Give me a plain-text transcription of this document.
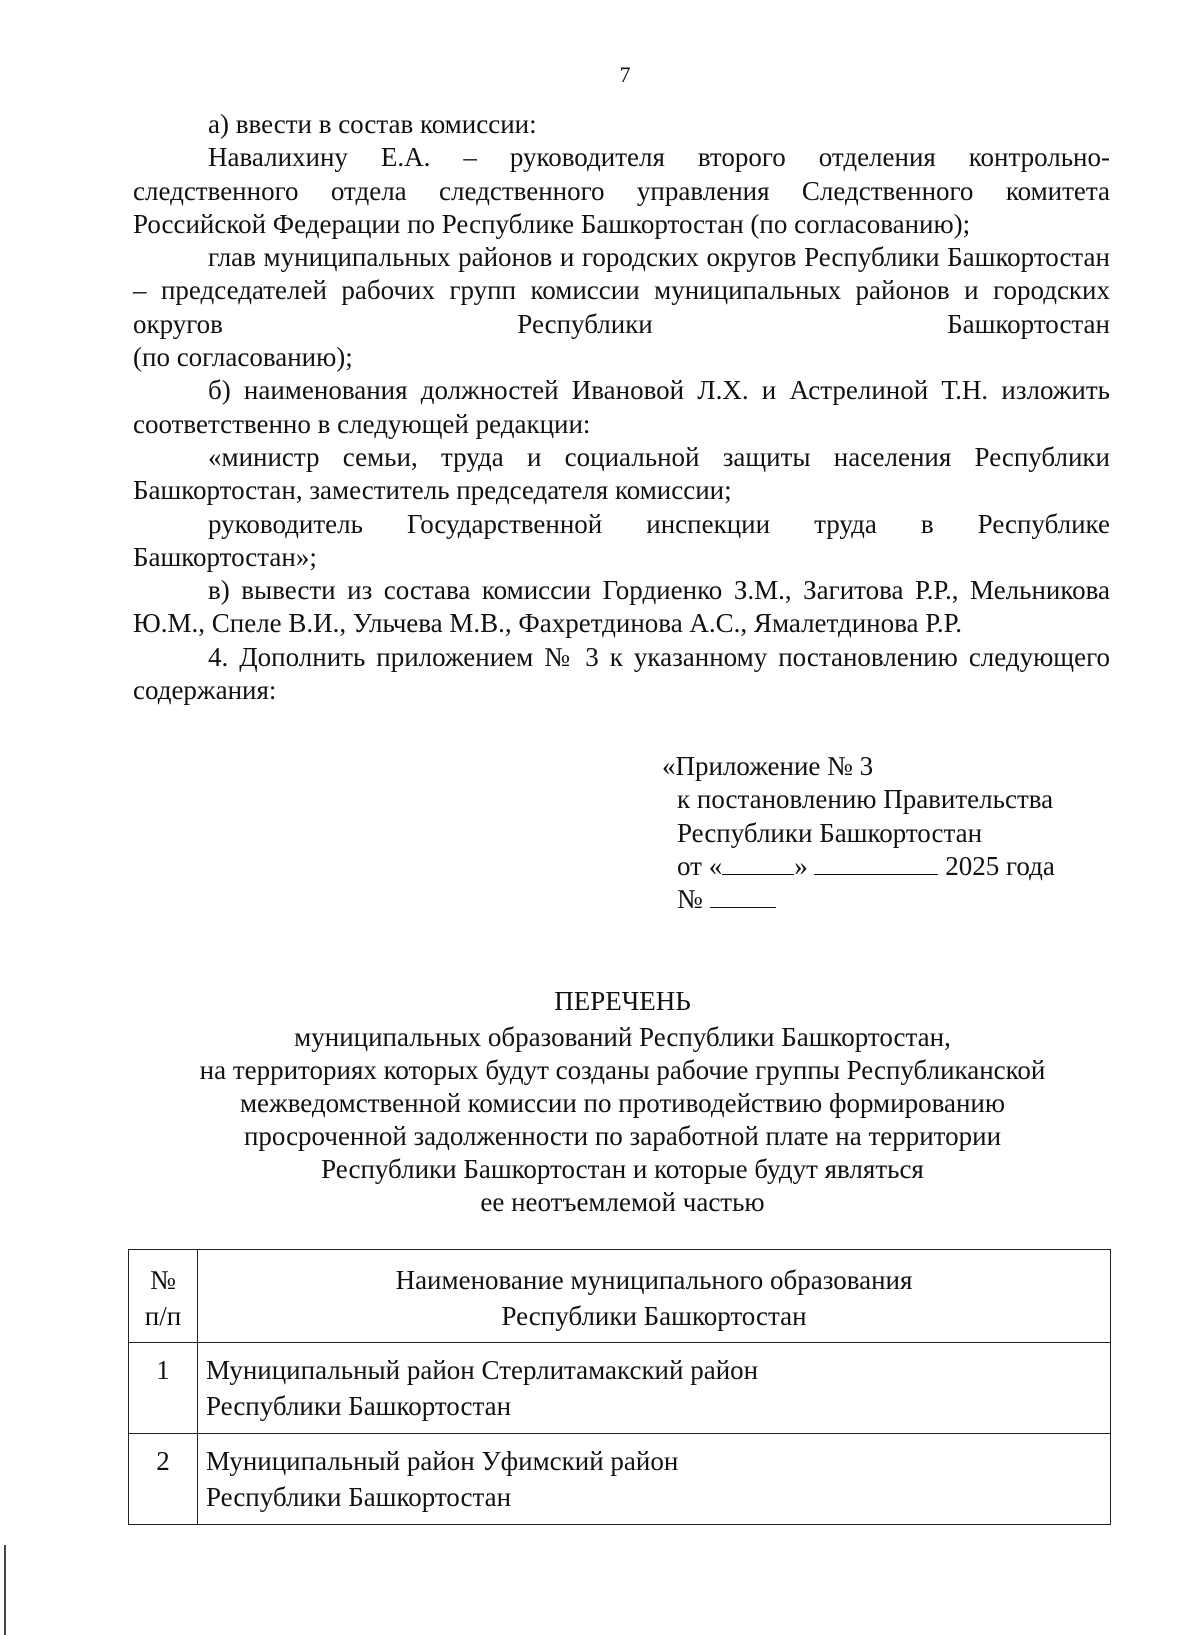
7

а) ввести в состав комиссии:

Навалихину Е.А. – руководителя второго отделения контрольно-следственного отдела следственного управления Следственного комитета Российской Федерации по Республике Башкортостан (по согласованию);

глав муниципальных районов и городских округов Республики Башкортостан – председателей рабочих групп комиссии муниципальных районов и городских округов Республики Башкортостан

(по согласованию);

б) наименования должностей Ивановой Л.Х. и Астрелиной Т.Н. изложить соответственно в следующей редакции:

«министр семьи, труда и социальной защиты населения Республики Башкортостан, заместитель председателя комиссии;

руководитель Государственной инспекции труда в Республике Башкортостан»;

в) вывести из состава комиссии Гордиенко З.М., Загитова Р.Р., Мельникова Ю.М., Спеле В.И., Ульчева М.В., Фахретдинова А.С., Ямалетдинова Р.Р.

4. Дополнить приложением № 3 к указанному постановлению следующего содержания:

«Приложение № 3
к постановлению Правительства
Республики Башкортостан
от «	»	2025 года
№
ПЕРЕЧЕНЬ
муниципальных образований Республики Башкортостан,
на территориях которых будут созданы рабочие группы Республиканской
межведомственной комиссии по противодействию формированию
просроченной задолженности по заработной плате на территории
Республики Башкортостан и которые будут являться
ее неотъемлемой частью
№
п/п	Наименование муниципального образования
Республики Башкортостан

1	Муниципальный район Стерлитамакский район
Республики Башкортостан

2	Муниципальный район Уфимский район
Республики Башкортостан
